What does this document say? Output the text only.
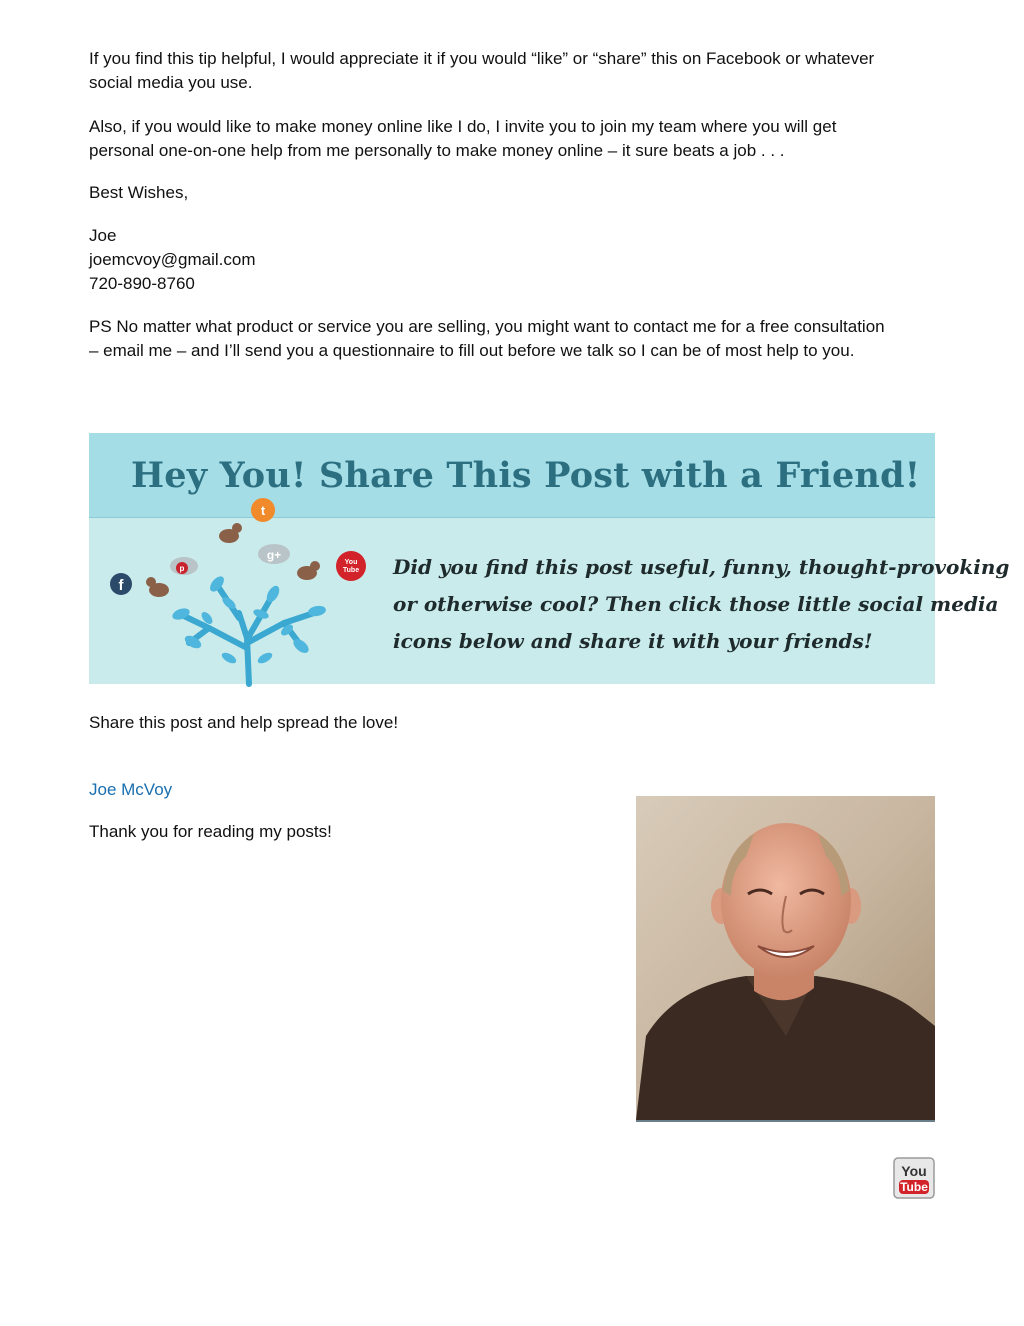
If you find this tip helpful, I would appreciate it if you would “like” or “share” this on Facebook or whatever
social media you use.

Also, if you would like to make money online like I do, I invite you to join my team where you will get
personal one-on-one help from me personally to make money online – it sure beats a job . . .

Best Wishes,

Joe
joemcvoy@gmail.com
720-890-8760

PS No matter what product or service you are selling, you might want to contact me for a free consultation
– email me – and I’ll send you a questionnaire to fill out before we talk so I can be of most help to you.

Hey You! Share This Post with a Friend!
f
p
g+
t
You
Tube Did you find this post useful, funny, thought-provoking
or otherwise cool? Then click those little social media
icons below and share it with your friends!

Share this post and help spread the love!

Joe McVoy

Thank you for reading my posts!

You
Tube
